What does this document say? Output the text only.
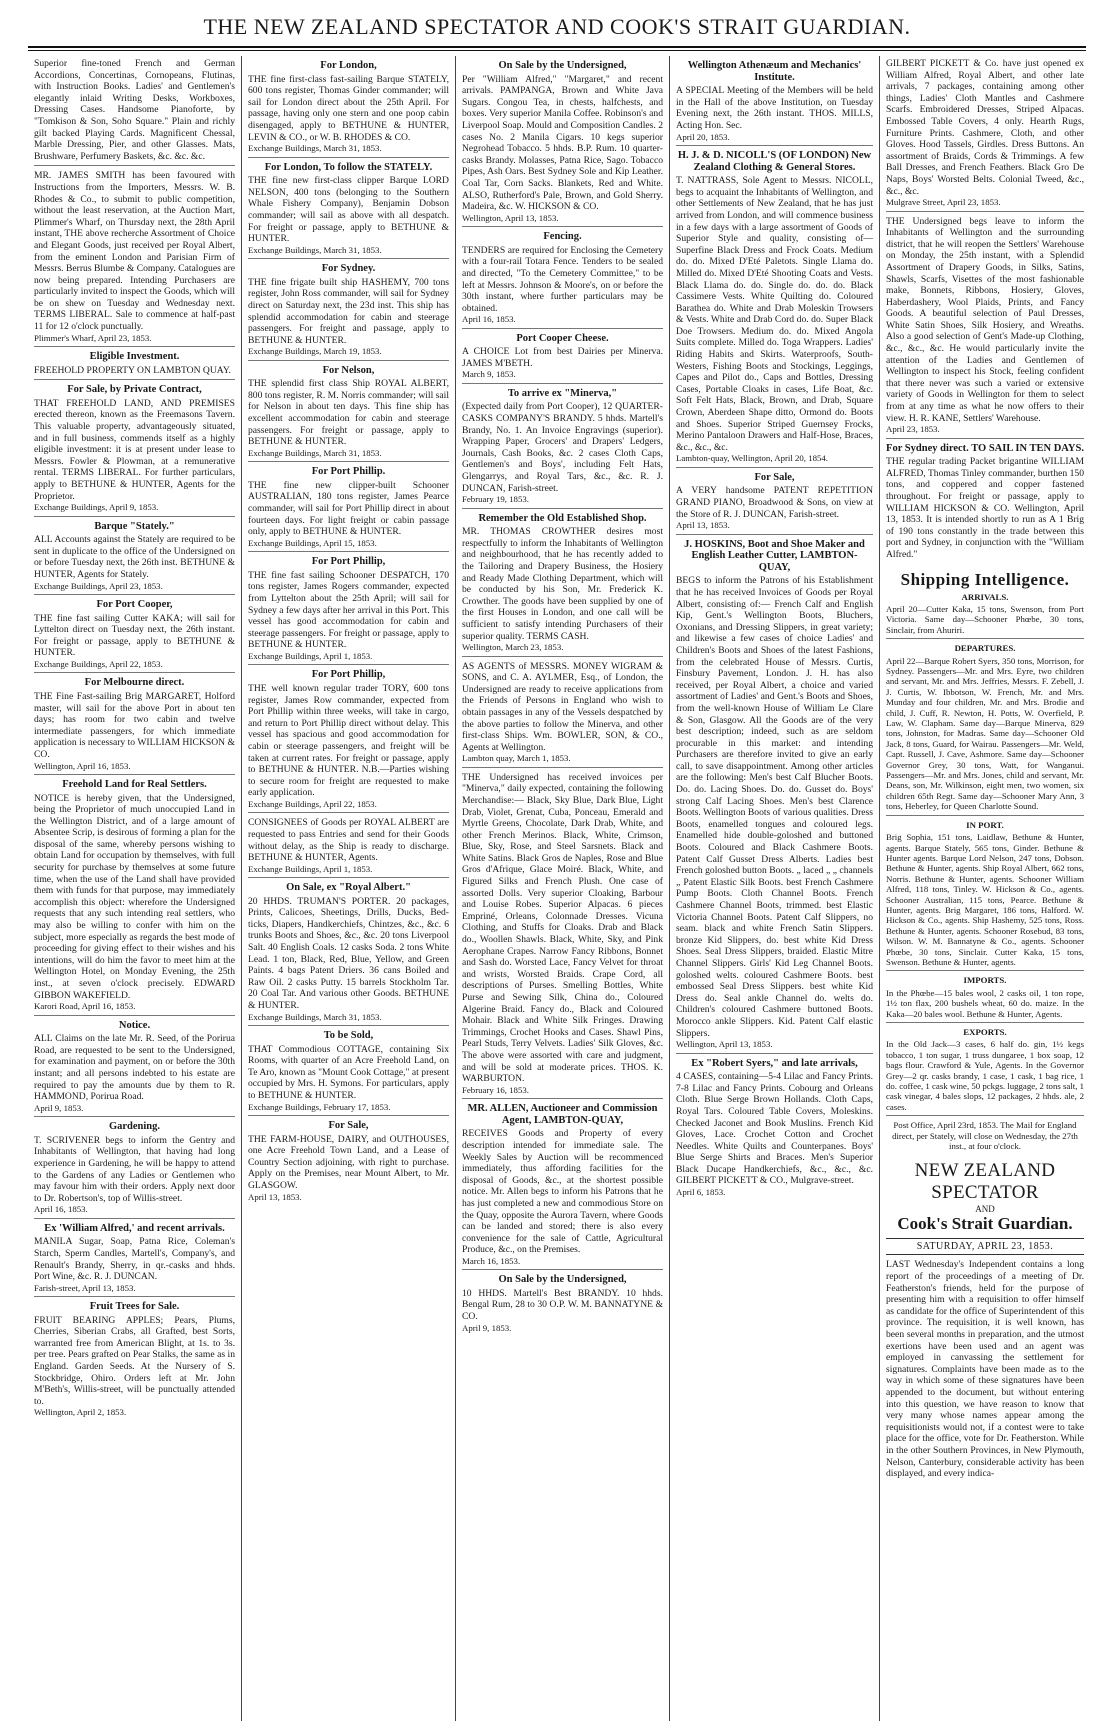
THE NEW ZEALAND SPECTATOR AND COOK'S STRAIT GUARDIAN.
Superior fine-toned French and German Accordions, Concertinas, Cornopeans, Flutinas, with Instruction Books. Ladies' and Gentlemen's elegantly inlaid Writing Desks, Workboxes, Dressing Cases. Handsome Pianoforte, by "Tomkison & Son, Soho Square." Plain and richly gilt backed Playing Cards. Magnificent Chessal, Marble Dressing, Pier, and other Glasses. Mats, Brushware, Perfumery Baskets, &c. &c. &c.
MR. JAMES SMITH has been favoured with Instructions from the Importers, Messrs. W. B. Rhodes & Co., to submit to public competition, without the least reservation, at the Auction Mart, Plimmer's Wharf, on Thursday next, the 28th April instant, THE above recherche Assortment of Choice and Elegant Goods, just received per Royal Albert, from the eminent London and Parisian Firm of Messrs. Berrus Blumbe & Company. Catalogues are now being prepared. Intending Purchasers are particularly invited to inspect the Goods, which will be on shew on Tuesday and Wednesday next. TERMS LIBERAL. Sale to commence at half-past 11 for 12 o'clock punctually.
Plimmer's Wharf, April 23, 1853.
Eligible Investment.
FREEHOLD PROPERTY ON LAMBTON QUAY.
For Sale, by Private Contract,
THAT FREEHOLD LAND, AND PREMISES erected thereon, known as the Freemasons Tavern. This valuable property, advantageously situated, and in full business, commends itself as a highly eligible investment: it is at present under lease to Messrs. Fowler & Plowman, at a remunerative rental. TERMS LIBERAL. For further particulars, apply to BETHUNE & HUNTER, Agents for the Proprietor.
Exchange Buildings, April 9, 1853.
Barque "Stately."
ALL Accounts against the Stately are required to be sent in duplicate to the office of the Undersigned on or before Tuesday next, the 26th inst. BETHUNE & HUNTER, Agents for Stately.
Exchange Buildings, April 23, 1853.
For Port Cooper,
THE fine fast sailing Cutter KAKA; will sail for Lyttelton direct on Tuesday next, the 26th instant. For freight or passage, apply to BETHUNE & HUNTER.
Exchange Buildings, April 22, 1853.
For Melbourne direct.
THE Fine Fast-sailing Brig MARGARET, Holford master, will sail for the above Port in about ten days; has room for two cabin and twelve intermediate passengers, for which immediate application is necessary to WILLIAM HICKSON & CO.
Wellington, April 16, 1853.
Freehold Land for Real Settlers.
NOTICE is hereby given, that the Undersigned, being the Proprietor of much unoccupied Land in the Wellington District, and of a large amount of Absentee Scrip, is desirous of forming a plan for the disposal of the same, whereby persons wishing to obtain Land for occupation by themselves, with full security for purchase by themselves at some future time, when the use of the Land shall have provided them with funds for that purpose, may immediately accomplish this object: wherefore the Undersigned requests that any such intending real settlers, who may also be willing to confer with him on the subject, more especially as regards the best mode of proceeding for giving effect to their wishes and his intentions, will do him the favor to meet him at the Wellington Hotel, on Monday Evening, the 25th inst., at seven o'clock precisely. EDWARD GIBBON WAKEFIELD.
Karori Road, April 16, 1853.
Notice.
ALL Claims on the late Mr. R. Seed, of the Porirua Road, are requested to be sent to the Undersigned, for examination and payment, on or before the 30th instant; and all persons indebted to his estate are required to pay the amounts due by them to R. HAMMOND, Porirua Road.
April 9, 1853.
Gardening.
T. SCRIVENER begs to inform the Gentry and Inhabitants of Wellington, that having had long experience in Gardening, he will be happy to attend to the Gardens of any Ladies or Gentlemen who may favour him with their orders. Apply next door to Dr. Robertson's, top of Willis-street.
April 16, 1853.
Ex 'William Alfred,' and recent arrivals.
MANILA Sugar, Soap, Patna Rice, Coleman's Starch, Sperm Candles, Martell's, Company's, and Renault's Brandy, Sherry, in qr.-casks and hhds. Port Wine, &c. R. J. DUNCAN.
Farish-street, April 13, 1853.
Fruit Trees for Sale.
FRUIT BEARING APPLES; Pears, Plums, Cherries, Siberian Crabs, all Grafted, best Sorts, warranted free from American Blight, at 1s. to 3s. per tree. Pears grafted on Pear Stalks, the same as in England. Garden Seeds. At the Nursery of S. Stockbridge, Ohiro. Orders left at Mr. John M'Beth's, Willis-street, will be punctually attended to.
Wellington, April 2, 1853.
For London,
THE fine first-class fast-sailing Barque STATELY, 600 tons register, Thomas Ginder commander; will sail for London direct about the 25th April. For passage, having only one stern and one poop cabin disengaged, apply to BETHUNE & HUNTER, LEVIN & CO., or W. B. RHODES & CO.
Exchange Buildings, March 31, 1853.
For London, To follow the STATELY.
THE fine new first-class clipper Barque LORD NELSON, 400 tons (belonging to the Southern Whale Fishery Company), Benjamin Dobson commander; will sail as above with all despatch. For freight or passage, apply to BETHUNE & HUNTER.
Exchange Buildings, March 31, 1853.
For Sydney.
THE fine frigate built ship HASHEMY, 700 tons register, John Ross commander, will sail for Sydney direct on Saturday next, the 23d inst. This ship has splendid accommodation for cabin and steerage passengers. For freight and passage, apply to BETHUNE & HUNTER.
Exchange Buildings, March 19, 1853.
For Nelson,
THE splendid first class Ship ROYAL ALBERT, 800 tons register, R. M. Norris commander; will sail for Nelson in about ten days. This fine ship has excellent accommodation for cabin and steerage passengers. For freight or passage, apply to BETHUNE & HUNTER.
Exchange Buildings, March 31, 1853.
For Port Phillip.
THE fine new clipper-built Schooner AUSTRALIAN, 180 tons register, James Pearce commander, will sail for Port Phillip direct in about fourteen days. For light freight or cabin passage only, apply to BETHUNE & HUNTER.
Exchange Buildings, April 15, 1853.
For Port Phillip,
THE fine fast sailing Schooner DESPATCH, 170 tons register, James Rogers commander, expected from Lyttelton about the 25th April; will sail for Sydney a few days after her arrival in this Port. This vessel has good accommodation for cabin and steerage passengers. For freight or passage, apply to BETHUNE & HUNTER.
Exchange Buildings, April 1, 1853.
For Port Phillip,
THE well known regular trader TORY, 600 tons register, James Row commander, expected from Port Phillip within three weeks, will take in cargo, and return to Port Phillip direct without delay. This vessel has spacious and good accommodation for cabin or steerage passengers, and freight will be taken at current rates. For freight or passage, apply to BETHUNE & HUNTER. N.B.—Parties wishing to secure room for freight are requested to make early application.
Exchange Buildings, April 22, 1853.
CONSIGNEES of Goods per ROYAL ALBERT are requested to pass Entries and send for their Goods without delay, as the Ship is ready to discharge. BETHUNE & HUNTER, Agents.
Exchange Buildings, April 1, 1853.
On Sale, ex "Royal Albert."
20 HHDS. TRUMAN'S PORTER. 20 packages, Prints, Calicoes, Sheetings, Drills, Ducks, Bed-ticks, Diapers, Handkerchiefs, Chintzes, &c., &c. 6 trunks Boots and Shoes, &c., &c. 20 tons Liverpool Salt. 40 English Coals. 12 casks Soda. 2 tons White Lead. 1 ton, Black, Red, Blue, Yellow, and Green Paints. 4 bags Patent Driers. 36 cans Boiled and Raw Oil. 2 casks Putty. 15 barrels Stockholm Tar. 20 Coal Tar. And various other Goods. BETHUNE & HUNTER.
Exchange Buildings, March 31, 1853.
To be Sold,
THAT Commodious COTTAGE, containing Six Rooms, with quarter of an Acre Freehold Land, on Te Aro, known as "Mount Cook Cottage," at present occupied by Mrs. H. Symons. For particulars, apply to BETHUNE & HUNTER.
Exchange Buildings, February 17, 1853.
For Sale,
THE FARM-HOUSE, DAIRY, and OUTHOUSES, one Acre Freehold Town Land, and a Lease of Country Section adjoining, with right to purchase. Apply on the Premises, near Mount Albert, to Mr. GLASGOW.
April 13, 1853.
On Sale by the Undersigned,
Per "William Alfred," "Margaret," and recent arrivals. PAMPANGA, Brown and White Java Sugars. Congou Tea, in chests, halfchests, and boxes. Very superior Manila Coffee. Robinson's and Liverpool Soap. Mould and Composition Candles. 2 cases No. 2 Manila Cigars. 10 kegs superior Negrohead Tobacco. 5 hhds. B.P. Rum. 10 quarter-casks Brandy. Molasses, Patna Rice, Sago. Tobacco Pipes, Ash Oars. Best Sydney Sole and Kip Leather. Coal Tar, Corn Sacks. Blankets, Red and White. ALSO, Rutherford's Pale, Brown, and Gold Sherry. Madeira, &c. W. HICKSON & CO.
Wellington, April 13, 1853.
Fencing.
TENDERS are required for Enclosing the Cemetery with a four-rail Totara Fence. Tenders to be sealed and directed, "To the Cemetery Committee," to be left at Messrs. Johnson & Moore's, on or before the 30th instant, where further particulars may be obtained.
April 16, 1853.
Port Cooper Cheese.
A CHOICE Lot from best Dairies per Minerva. JAMES M'BETH.
March 9, 1853.
To arrive ex "Minerva,"
(Expected daily from Port Cooper), 12 QUARTER-CASKS COMPANY'S BRANDY. 5 hhds. Martell's Brandy, No. 1. An Invoice Engravings (superior). Wrapping Paper, Grocers' and Drapers' Ledgers, Journals, Cash Books, &c. 2 cases Cloth Caps, Gentlemen's and Boys', including Felt Hats, Glengarrys, and Royal Tars, &c., &c. R. J. DUNCAN, Farish-street.
February 19, 1853.
Remember the Old Established Shop.
MR. THOMAS CROWTHER desires most respectfully to inform the Inhabitants of Wellington and neighbourhood, that he has recently added to the Tailoring and Drapery Business, the Hosiery and Ready Made Clothing Department, which will be conducted by his Son, Mr. Frederick K. Crowther. The goods have been supplied by one of the first Houses in London, and one call will be sufficient to satisfy intending Purchasers of their superior quality. TERMS CASH.
Wellington, March 23, 1853.
AS AGENTS of MESSRS. MONEY WIGRAM & SONS, and C. A. AYLMER, Esq., of London, the Undersigned are ready to receive applications from the Friends of Persons in England who wish to obtain passages in any of the Vessels despatched by the above parties to follow the Minerva, and other first-class Ships. Wm. BOWLER, SON, & CO., Agents at Wellington.
Lambton quay, March 1, 1853.
THE Undersigned has received invoices per "Minerva," daily expected, containing the following Merchandise:— Black, Sky Blue, Dark Blue, Light Drab, Violet, Grenat, Cuba, Ponceau, Emerald and Myrtle Greens, Chocolate, Dark Drab, White, and other French Merinos. Black, White, Crimson, Blue, Sky, Rose, and Steel Sarsnets. Black and White Satins. Black Gros de Naples, Rose and Blue Gros d'Afrique, Glace Moiré. Black, White, and Figured Silks and French Plush. One case of assorted Dolls. Very superior Cloaking, Barbour and Louise Robes. Superior Alpacas. 6 pieces Empriné, Orleans, Colonnade Dresses. Vicuna Clothing, and Stuffs for Cloaks. Drab and Black do., Woollen Shawls. Black, White, Sky, and Pink Aerophane Crapes. Narrow Fancy Ribbons, Bonnet and Sash do. Worsted Lace, Fancy Velvet for throat and wrists, Worsted Braids. Crape Cord, all descriptions of Purses. Smelling Bottles, White Purse and Sewing Silk, China do., Coloured Algerine Braid. Fancy do., Black and Coloured Mohair. Black and White Silk Fringes. Drawing Trimmings, Crochet Hooks and Cases. Shawl Pins, Pearl Studs, Terry Velvets. Ladies' Silk Gloves, &c. The above were assorted with care and judgment, and will be sold at moderate prices. THOS. K. WARBURTON.
February 16, 1853.
MR. ALLEN, Auctioneer and Commission Agent, LAMBTON-QUAY,
RECEIVES Goods and Property of every description intended for immediate sale. The Weekly Sales by Auction will be recommenced immediately, thus affording facilities for the disposal of Goods, &c., at the shortest possible notice. Mr. Allen begs to inform his Patrons that he has just completed a new and commodious Store on the Quay, opposite the Aurora Tavern, where Goods can be landed and stored; there is also every convenience for the sale of Cattle, Agricultural Produce, &c., on the Premises.
March 16, 1853.
On Sale by the Undersigned,
10 HHDS. Martell's Best BRANDY. 10 hhds. Bengal Rum, 28 to 30 O.P. W. M. BANNATYNE & CO.
April 9, 1853.
Wellington Athenæum and Mechanics' Institute.
A SPECIAL Meeting of the Members will be held in the Hall of the above Institution, on Tuesday Evening next, the 26th instant. THOS. MILLS, Acting Hon. Sec.
April 20, 1853.
H. J. & D. NICOLL'S (OF LONDON) New Zealand Clothing & General Stores.
T. NATTRASS, Sole Agent to Messrs. NICOLL, begs to acquaint the Inhabitants of Wellington, and other Settlements of New Zealand, that he has just arrived from London, and will commence business in a few days with a large assortment of Goods of Superior Style and quality, consisting of— Superfine Black Dress and Frock Coats. Medium do. do. Mixed D'Eté Paletots. Single Llama do. Milled do. Mixed D'Eté Shooting Coats and Vests. Black Llama do. do. Single do. do. do. Black Cassimere Vests. White Quilting do. Coloured Barathea do. White and Drab Moleskin Trowsers & Vests. White and Drab Cord do. do. Super Black Doe Trowsers. Medium do. do. Mixed Angola Suits complete. Milled do. Toga Wrappers. Ladies' Riding Habits and Skirts. Waterproofs, South-Westers, Fishing Boots and Stockings, Leggings, Capes and Pilot do., Caps and Bottles, Dressing Cases, Portable Cloaks in cases, Life Boat, &c. Soft Felt Hats, Black, Brown, and Drab, Square Crown, Aberdeen Shape ditto, Ormond do. Boots and Shoes. Superior Striped Guernsey Frocks, Merino Pantaloon Drawers and Half-Hose, Braces, &c., &c., &c.
Lambton-quay, Wellington, April 20, 1854.
For Sale,
A VERY handsome PATENT REPETITION GRAND PIANO, Broadwood & Sons, on view at the Store of R. J. DUNCAN, Farish-street.
April 13, 1853.
J. HOSKINS, Boot and Shoe Maker and English Leather Cutter, LAMBTON-QUAY,
BEGS to inform the Patrons of his Establishment that he has received Invoices of Goods per Royal Albert, consisting of:— French Calf and English Kip, Gent.'s Wellington Boots, Bluchers, Oxonians, and Dressing Slippers, in great variety; and likewise a few cases of choice Ladies' and Children's Boots and Shoes of the latest Fashions, from the celebrated House of Messrs. Curtis, Finsbury Pavement, London. J. H. has also received, per Royal Albert, a choice and varied assortment of Ladies' and Gent.'s Boots and Shoes, from the well-known House of William Le Clare & Son, Glasgow. All the Goods are of the very best description; indeed, such as are seldom procurable in this market: and intending Purchasers are therefore invited to give an early call, to save disappointment. Among other articles are the following: Men's best Calf Blucher Boots. Do. do. Lacing Shoes. Do. do. Gusset do. Boys' strong Calf Lacing Shoes. Men's best Clarence Boots. Wellington Boots of various qualities. Dress Boots, enamelled tongues and coloured legs. Enamelled hide double-goloshed and buttoned Boots. Coloured and Black Cashmere Boots. Patent Calf Gusset Dress Alberts. Ladies best French goloshed button Boots. „ laced „ „ channels „ Patent Elastic Silk Boots. best French Cashmere Pump Boots. Cloth Channel Boots. French Cashmere Channel Boots, trimmed. best Elastic Victoria Channel Boots. Patent Calf Slippers, no seam. black and white French Satin Slippers. bronze Kid Slippers, do. best white Kid Dress Shoes. Seal Dress Slippers, braided. Elastic Mitre Channel Slippers. Girls' Kid Leg Channel Boots. goloshed welts. coloured Cashmere Boots. best embossed Seal Dress Slippers. best white Kid Dress do. Seal ankle Channel do. welts do. Children's coloured Cashmere buttoned Boots. Morocco ankle Slippers. Kid. Patent Calf elastic Slippers.
Wellington, April 13, 1853.
Ex "Robert Syers," and late arrivals,
4 CASES, containing—5-4 Lilac and Fancy Prints. 7-8 Lilac and Fancy Prints. Cobourg and Orleans Cloth. Blue Serge Brown Hollands. Cloth Caps, Royal Tars. Coloured Table Covers, Moleskins. Checked Jaconet and Book Muslins. French Kid Gloves, Lace. Crochet Cotton and Crochet Needles. White Quilts and Counterpanes. Boys' Blue Serge Shirts and Braces. Men's Superior Black Ducape Handkerchiefs, &c., &c., &c. GILBERT PICKETT & CO., Mulgrave-street.
April 6, 1853.
GILBERT PICKETT & Co. have just opened ex William Alfred, Royal Albert, and other late arrivals, 7 packages, containing among other things, Ladies' Cloth Mantles and Cashmere Scarfs. Embroidered Dresses, Striped Alpacas. Embossed Table Covers, 4 only. Hearth Rugs, Furniture Prints. Cashmere, Cloth, and other Gloves. Hood Tassels, Girdles. Dress Buttons. An assortment of Braids, Cords & Trimmings. A few Ball Dresses, and French Feathers. Black Gro De Naps, Boys' Worsted Belts. Colonial Tweed, &c., &c., &c.
Mulgrave Street, April 23, 1853.
THE Undersigned begs leave to inform the Inhabitants of Wellington and the surrounding district, that he will reopen the Settlers' Warehouse on Monday, the 25th instant, with a Splendid Assortment of Drapery Goods, in Silks, Satins, Shawls, Scarfs, Visettes of the most fashionable make, Bonnets, Ribbons, Hosiery, Gloves, Haberdashery, Wool Plaids, Prints, and Fancy Goods. A beautiful selection of Paul Dresses, White Satin Shoes, Silk Hosiery, and Wreaths. Also a good selection of Gent's Made-up Clothing, &c., &c., &c. He would particularly invite the attention of the Ladies and Gentlemen of Wellington to inspect his Stock, feeling confident that there never was such a varied or extensive variety of Goods in Wellington for them to select from at any time as what he now offers to their view. H. R. KANE, Settlers' Warehouse.
April 23, 1853.
For Sydney direct. TO SAIL IN TEN DAYS.
THE regular trading Packet brigantine WILLIAM ALFRED, Thomas Tinley commander, burthen 150 tons, and coppered and copper fastened throughout. For freight or passage, apply to WILLIAM HICKSON & CO. Wellington, April 13, 1853. It is intended shortly to run as A 1 Brig of 190 tons constantly in the trade between this port and Sydney, in conjunction with the "William Alfred."
Shipping Intelligence.
ARRIVALS.
April 20—Cutter Kaka, 15 tons, Swenson, from Port Victoria. Same day—Schooner Phœbe, 30 tons, Sinclair, from Ahuriri.
DEPARTURES.
April 22—Barque Robert Syers, 350 tons, Morrison, for Sydney. Passengers—Mr. and Mrs. Eyre, two children and servant, Mr. and Mrs. Jeffries, Messrs. F. Zebell, J. J. Curtis, W. Ibbotson, W. French, Mr. and Mrs. Munday and four children, Mr. and Mrs. Brodie and child, J. Cuff, R. Newton, H. Potts, W. Overfield, P. Law, W. Clapham. Same day—Barque Minerva, 829 tons, Johnston, for Madras. Same day—Schooner Old Jack, 8 tons, Guard, for Wairau. Passengers—Mr. Weld, Capt. Russell, J. Cave, Ashmore. Same day—Schooner Governor Grey, 30 tons, Watt, for Wanganui. Passengers—Mr. and Mrs. Jones, child and servant, Mr. Deans, son, Mr. Wilkinson, eight men, two women, six children 65th Regt. Same day—Schooner Mary Ann, 3 tons, Heberley, for Queen Charlotte Sound.
IN PORT.
Brig Sophia, 151 tons, Laidlaw, Bethune & Hunter, agents. Barque Stately, 565 tons, Ginder. Bethune & Hunter agents. Barque Lord Nelson, 247 tons, Dobson. Bethune & Hunter, agents. Ship Royal Albert, 662 tons, Norris. Bethune & Hunter, agents. Schooner William Alfred, 118 tons, Tinley. W. Hickson & Co., agents. Schooner Australian, 115 tons, Pearce. Bethune & Hunter, agents. Brig Margaret, 186 tons, Halford. W. Hickson & Co., agents. Ship Hashemy, 525 tons, Ross. Bethune & Hunter, agents. Schooner Rosebud, 83 tons, Wilson. W. M. Bannatyne & Co., agents. Schooner Phœbe, 30 tons, Sinclair. Cutter Kaka, 15 tons, Swenson. Bethune & Hunter, agents.
IMPORTS.
In the Phœbe—15 bales wool, 2 casks oil, 1 ton rope, 1½ ton flax, 200 bushels wheat, 60 do. maize. In the Kaka—20 bales wool. Bethune & Hunter, Agents.
EXPORTS.
In the Old Jack—3 cases, 6 half do. gin, 1½ kegs tobacco, 1 ton sugar, 1 truss dungaree, 1 box soap, 12 bags flour. Crawford & Yule, Agents. In the Governor Grey—2 qr. casks brandy, 1 case, 1 cask, 1 bag rice, 1 do. coffee, 1 cask wine, 50 pckgs. luggage, 2 tons salt, 1 cask vinegar, 4 bales slops, 12 packages, 2 hhds. ale, 2 cases.
Post Office, April 23rd, 1853. The Mail for England direct, per Stately, will close on Wednesday, the 27th inst., at four o'clock.
NEW ZEALAND SPECTATOR
AND
Cook's Strait Guardian.
SATURDAY, APRIL 23, 1853.
LAST Wednesday's Independent contains a long report of the proceedings of a meeting of Dr. Featherston's friends, held for the purpose of presenting him with a requisition to offer himself as candidate for the office of Superintendent of this province. The requisition, it is well known, has been several months in preparation, and the utmost exertions have been used and an agent was employed in canvassing the settlement for signatures. Complaints have been made as to the way in which some of these signatures have been appended to the document, but without entering into this question, we have reason to know that very many whose names appear among the requisitionists would not, if a contest were to take place for the office, vote for Dr. Featherston. While in the other Southern Provinces, in New Plymouth, Nelson, Canterbury, considerable activity has been displayed, and every indica-
